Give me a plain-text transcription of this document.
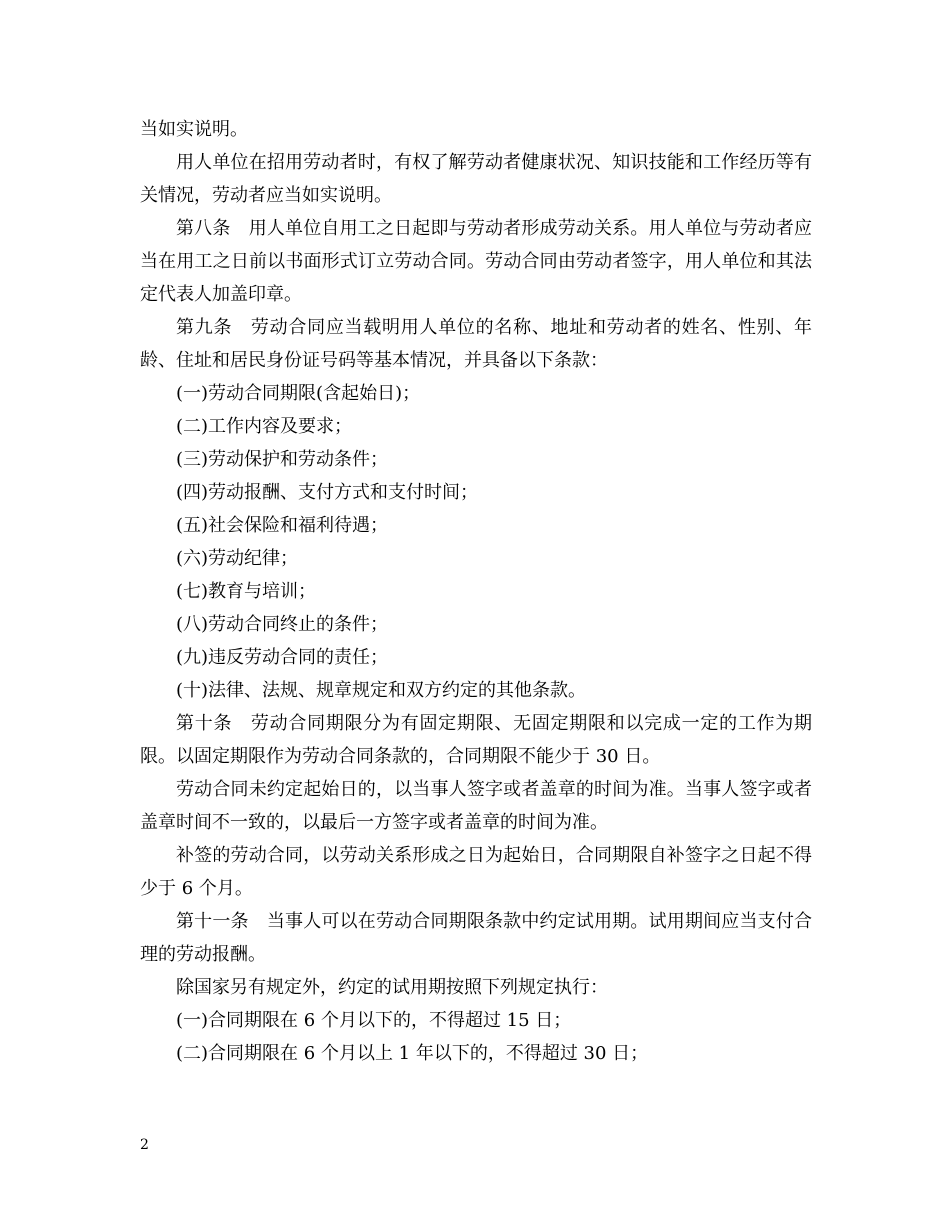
当如实说明。

用人单位在招用劳动者时，有权了解劳动者健康状况、知识技能和工作经历等有关情况，劳动者应当如实说明。

第八条　用人单位自用工之日起即与劳动者形成劳动关系。用人单位与劳动者应当在用工之日前以书面形式订立劳动合同。劳动合同由劳动者签字，用人单位和其法定代表人加盖印章。

第九条　劳动合同应当载明用人单位的名称、地址和劳动者的姓名、性别、年龄、住址和居民身份证号码等基本情况，并具备以下条款：

(一)劳动合同期限(含起始日)；

(二)工作内容及要求；

(三)劳动保护和劳动条件；

(四)劳动报酬、支付方式和支付时间；

(五)社会保险和福利待遇；

(六)劳动纪律；

(七)教育与培训；

(八)劳动合同终止的条件；

(九)违反劳动合同的责任；

(十)法律、法规、规章规定和双方约定的其他条款。

第十条　劳动合同期限分为有固定期限、无固定期限和以完成一定的工作为期限。以固定期限作为劳动合同条款的，合同期限不能少于 30 日。

劳动合同未约定起始日的，以当事人签字或者盖章的时间为准。当事人签字或者盖章时间不一致的，以最后一方签字或者盖章的时间为准。

补签的劳动合同，以劳动关系形成之日为起始日，合同期限自补签字之日起不得少于 6 个月。

第十一条　当事人可以在劳动合同期限条款中约定试用期。试用期间应当支付合理的劳动报酬。

除国家另有规定外，约定的试用期按照下列规定执行：

(一)合同期限在 6 个月以下的，不得超过 15 日；

(二)合同期限在 6 个月以上 1 年以下的，不得超过 30 日；

2
